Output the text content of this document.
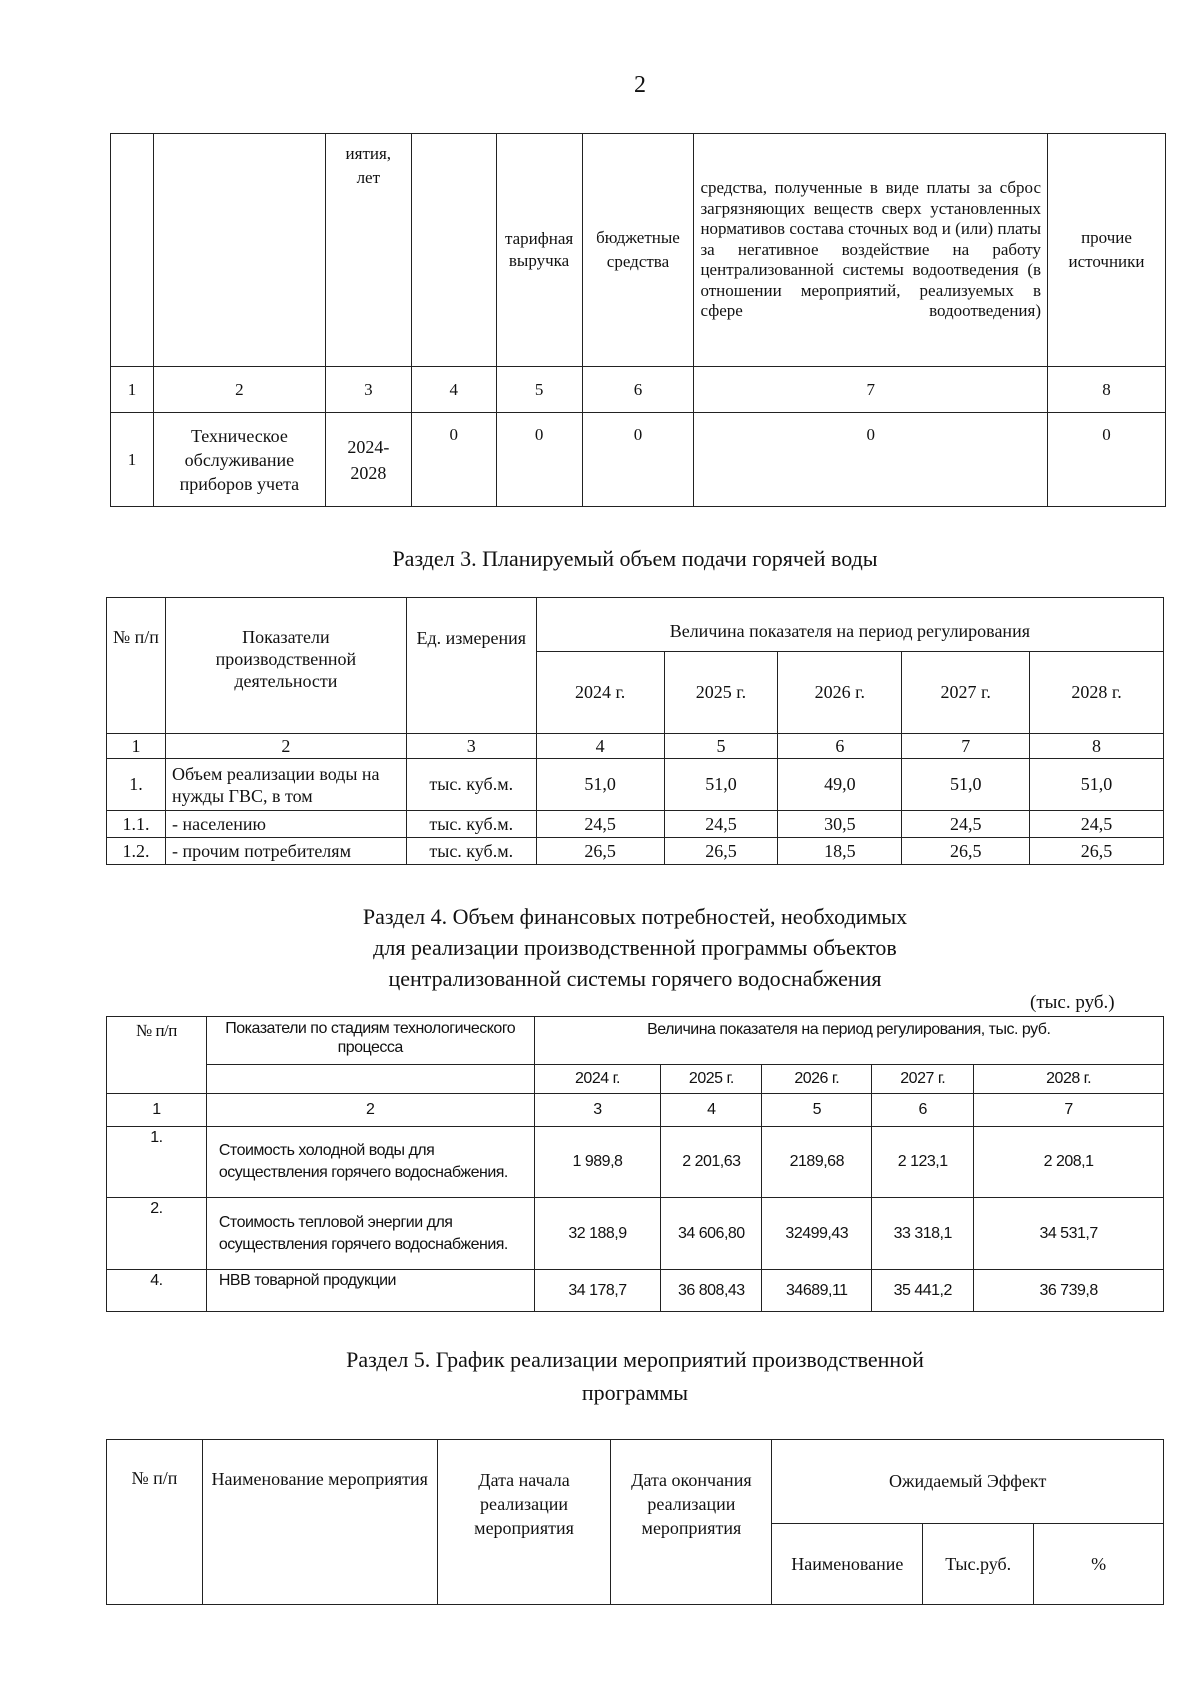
2
		иятия, лет		тарифная выручка	бюджетные средства	средства, полученные в виде платы за сброс загрязняющих веществ сверх установленных нормативов состава сточных вод и (или) платы за негативное воздействие на работу централизованной системы водоотведения (в отношении мероприятий, реализуемых в сфере водоотведения)	прочие источники
1	2	3	4	5	6	7	8
1	Техническое обслуживание приборов учета	2024-2028	0	0	0	0	0
Раздел 3. Планируемый объем подачи горячей воды
№ п/п	Показатели производственной деятельности	Ед. измерения	Величина показателя на период регулирования				
			2024 г.	2025 г.	2026 г.	2027 г.	2028 г.
1	2	3	4	5	6	7	8
1.	Объем реализации воды на нужды ГВС, в том	тыс. куб.м.	51,0	51,0	49,0	51,0	51,0
1.1.	- населению	тыс. куб.м.	24,5	24,5	30,5	24,5	24,5
1.2.	- прочим потребителям	тыс. куб.м.	26,5	26,5	18,5	26,5	26,5
Раздел 4. Объем финансовых потребностей, необходимых
для реализации производственной программы объектов
централизованной системы горячего водоснабжения
(тыс. руб.)
№ п/п	Показатели по стадиям технологического процесса	Величина показателя на период регулирования, тыс. руб.				
		2024 г.	2025 г.	2026 г.	2027 г.	2028 г.
1	2	3	4	5	6	7
1.	Стоимость холодной воды для осуществления горячего водоснабжения.	1 989,8	2 201,63	2189,68	2 123,1	2 208,1
2.	Стоимость тепловой энергии для осуществления горячего водоснабжения.	32 188,9	34 606,80	32499,43	33 318,1	34 531,7
4.	НВВ товарной продукции	34 178,7	36 808,43	34689,11	35 441,2	36 739,8
Раздел 5. График реализации мероприятий производственной
программы
№ п/п	Наименование мероприятия	Дата начала реализации мероприятия	Дата окончания реализации мероприятия	Ожидаемый Эффект		
				Наименование	Тыс.руб.	%
